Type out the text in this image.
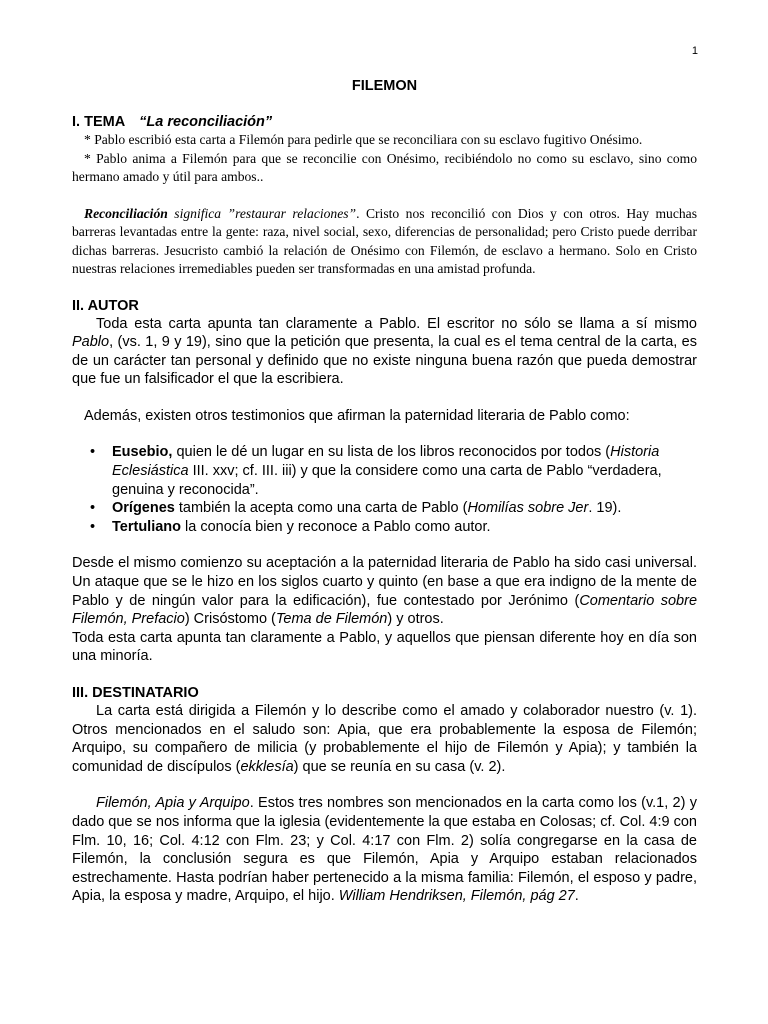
1
FILEMON
I. TEMA “La reconciliación”

* Pablo escribió esta carta a Filemón para pedirle que se reconciliara con su esclavo fugitivo Onésimo.

* Pablo anima a Filemón para que se reconcilie con Onésimo, recibiéndolo no como su esclavo, sino como hermano amado y útil para ambos..

Reconciliación significa ”restaurar relaciones”. Cristo nos reconcilió con Dios y con otros. Hay muchas barreras levantadas entre la gente: raza, nivel social, sexo, diferencias de personalidad; pero Cristo puede derribar dichas barreras. Jesucristo cambió la relación de Onésimo con Filemón, de esclavo a hermano. Solo en Cristo nuestras relaciones irremediables pueden ser transformadas en una amistad profunda.

II. AUTOR

Toda esta carta apunta tan claramente a Pablo. El escritor no sólo se llama a sí mismo Pablo, (vs. 1, 9 y 19), sino que la petición que presenta, la cual es el tema central de la carta, es de un carácter tan personal y definido que no existe ninguna buena razón que pueda demostrar que fue un falsificador el que la escribiera.

Además, existen otros testimonios que afirman la paternidad literaria de Pablo como:

• Eusebio, quien le dé un lugar en su lista de los libros reconocidos por todos (Historia Eclesiástica III. xxv; cf. III. iii) y que la considere como una carta de Pablo “verdadera, genuina y reconocida”.
• Orígenes también la acepta como una carta de Pablo (Homilías sobre Jer. 19).
• Tertuliano la conocía bien y reconoce a Pablo como autor.

Desde el mismo comienzo su aceptación a la paternidad literaria de Pablo ha sido casi universal. Un ataque que se le hizo en los siglos cuarto y quinto (en base a que era indigno de la mente de Pablo y de ningún valor para la edificación), fue contestado por Jerónimo (Comentario sobre Filemón, Prefacio) Crisóstomo (Tema de Filemón) y otros.

Toda esta carta apunta tan claramente a Pablo, y aquellos que piensan diferente hoy en día son una minoría.

III. DESTINATARIO

La carta está dirigida a Filemón y lo describe como el amado y colaborador nuestro (v. 1). Otros mencionados en el saludo son: Apia, que era probablemente la esposa de Filemón; Arquipo, su compañero de milicia (y probablemente el hijo de Filemón y Apia); y también la comunidad de discípulos (ekklesía) que se reunía en su casa (v. 2).

Filemón, Apia y Arquipo. Estos tres nombres son mencionados en la carta como los (v.1, 2) y dado que se nos informa que la iglesia (evidentemente la que estaba en Colosas; cf. Col. 4:9 con Flm. 10, 16; Col. 4:12 con Flm. 23; y Col. 4:17 con Flm. 2) solía congregarse en la casa de Filemón, la conclusión segura es que Filemón, Apia y Arquipo estaban relacionados estrechamente. Hasta podrían haber pertenecido a la misma familia: Filemón, el esposo y padre, Apia, la esposa y madre, Arquipo, el hijo. William Hendriksen, Filemón, pág 27.
